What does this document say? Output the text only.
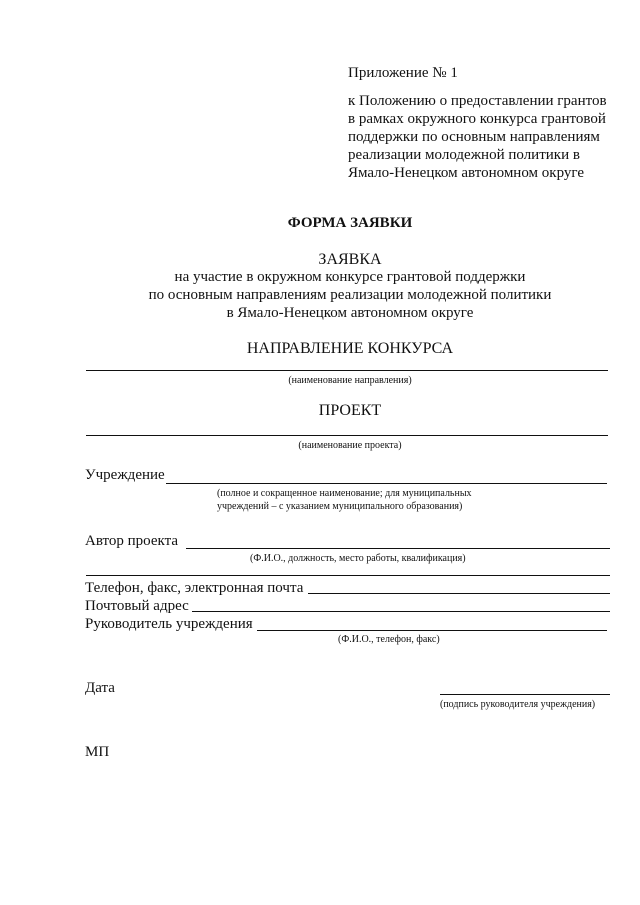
Приложение № 1
к Положению о предоставлении грантов
в рамках окружного конкурса грантовой
поддержки по основным направлениям
реализации молодежной политики в
Ямало-Ненецком автономном округе
ФОРМА ЗАЯВКИ
ЗАЯВКА
на участие в окружном конкурсе грантовой поддержки
по основным направлениям реализации молодежной политики
в Ямало-Ненецком автономном округе
НАПРАВЛЕНИЕ КОНКУРСА
(наименование направления)
ПРОЕКТ
(наименование проекта)
Учреждение
(полное и сокращенное наименование; для муниципальных
учреждений – с указанием муниципального образования)
Автор проекта
(Ф.И.О., должность, место работы, квалификация)
Телефон, факс, электронная почта
Почтовый адрес
Руководитель учреждения
(Ф.И.О., телефон, факс)
Дата
(подпись руководителя учреждения)
МП
